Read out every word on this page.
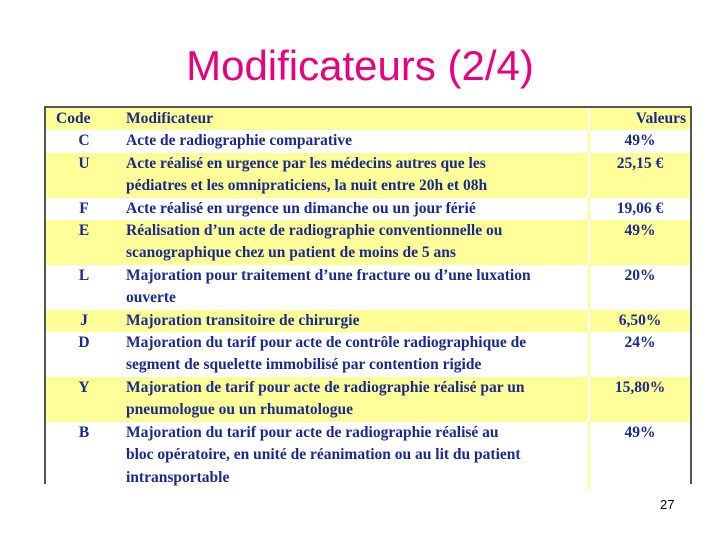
Modificateurs (2/4)
Code	Modificateur	Valeurs
C	Acte de radiographie comparative	49%
U	Acte réalisé en urgence par les médecins autres que les
pédiatres et les omnipraticiens, la nuit entre 20h et 08h	25,15 €
F	Acte réalisé en urgence un dimanche ou un jour férié	19,06 €
E	Réalisation d’un acte de radiographie conventionnelle ou
scanographique chez un patient de moins de 5 ans	49%
L	Majoration pour traitement d’une fracture ou d’une luxation
ouverte	20%
J	Majoration transitoire de chirurgie	6,50%
D	Majoration du tarif pour acte de contrôle radiographique de
segment de squelette immobilisé par contention rigide	24%
Y	Majoration de tarif pour acte de radiographie réalisé par un
pneumologue ou un rhumatologue	15,80%
B	Majoration du tarif pour acte de radiographie réalisé au
bloc opératoire, en unité de réanimation ou au lit du patient
intransportable	49%
27
